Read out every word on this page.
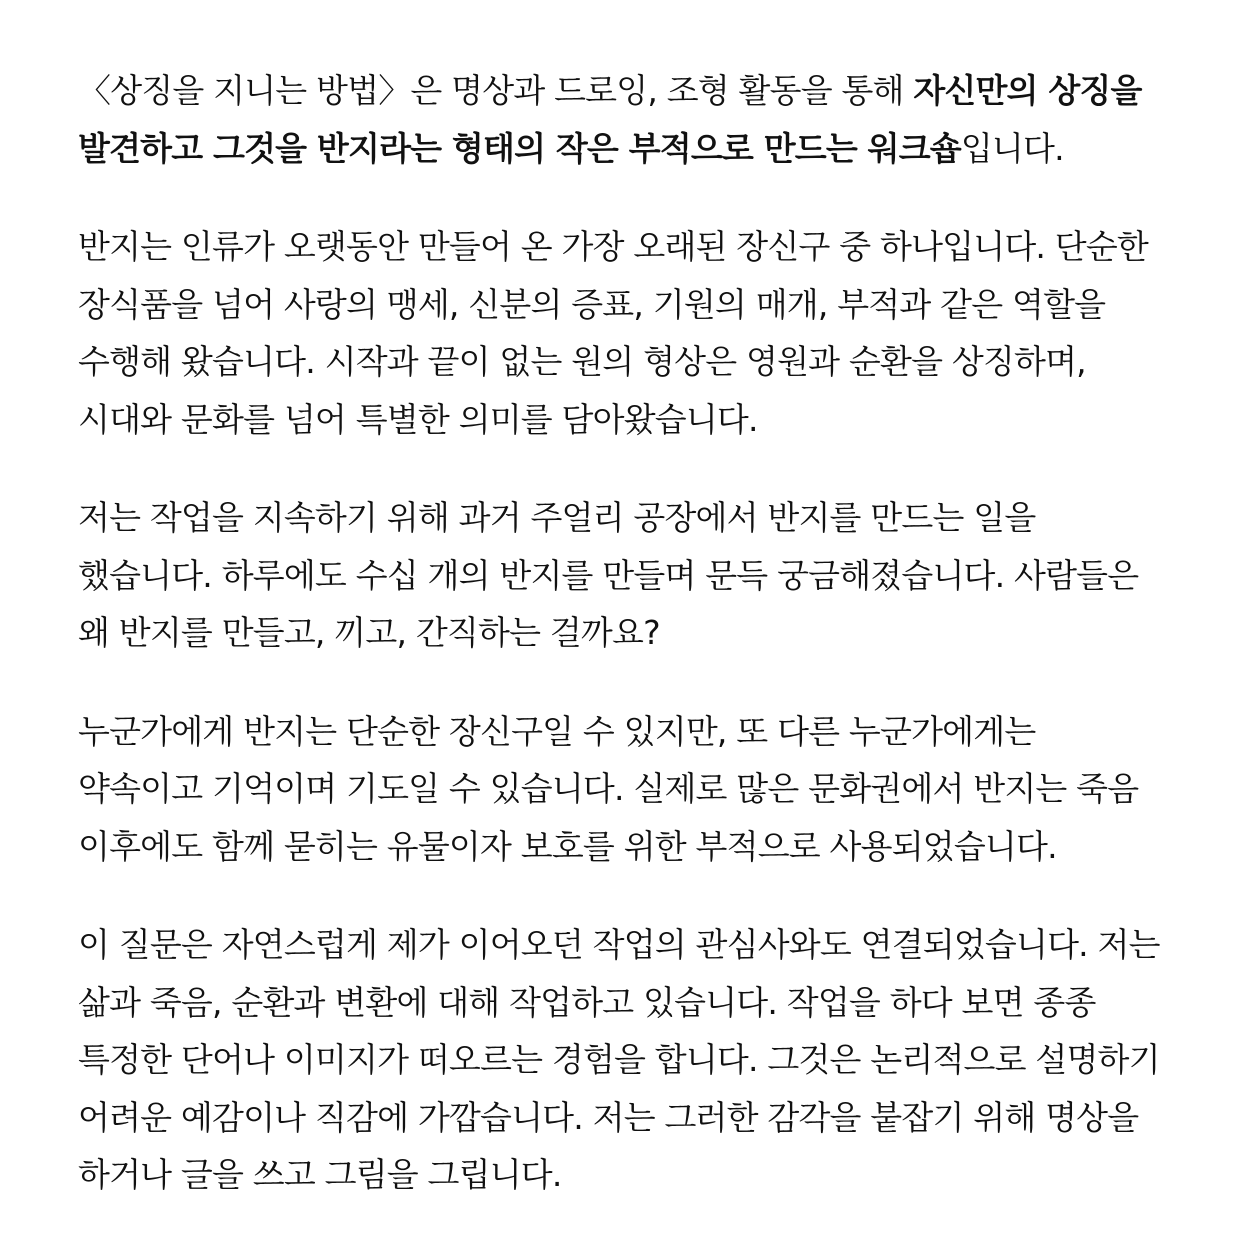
〈상징을 지니는 방법〉은 명상과 드로잉, 조형 활동을 통해 자신만의 상징을
발견하고 그것을 반지라는 형태의 작은 부적으로 만드는 워크숍입니다.

반지는 인류가 오랫동안 만들어 온 가장 오래된 장신구 중 하나입니다. 단순한
장식품을 넘어 사랑의 맹세, 신분의 증표, 기원의 매개, 부적과 같은 역할을
수행해 왔습니다. 시작과 끝이 없는 원의 형상은 영원과 순환을 상징하며,
시대와 문화를 넘어 특별한 의미를 담아왔습니다.

저는 작업을 지속하기 위해 과거 주얼리 공장에서 반지를 만드는 일을
했습니다. 하루에도 수십 개의 반지를 만들며 문득 궁금해졌습니다. 사람들은
왜 반지를 만들고, 끼고, 간직하는 걸까요?

누군가에게 반지는 단순한 장신구일 수 있지만, 또 다른 누군가에게는
약속이고 기억이며 기도일 수 있습니다. 실제로 많은 문화권에서 반지는 죽음
이후에도 함께 묻히는 유물이자 보호를 위한 부적으로 사용되었습니다.

이 질문은 자연스럽게 제가 이어오던 작업의 관심사와도 연결되었습니다. 저는
삶과 죽음, 순환과 변환에 대해 작업하고 있습니다. 작업을 하다 보면 종종
특정한 단어나 이미지가 떠오르는 경험을 합니다. 그것은 논리적으로 설명하기
어려운 예감이나 직감에 가깝습니다. 저는 그러한 감각을 붙잡기 위해 명상을
하거나 글을 쓰고 그림을 그립니다.
